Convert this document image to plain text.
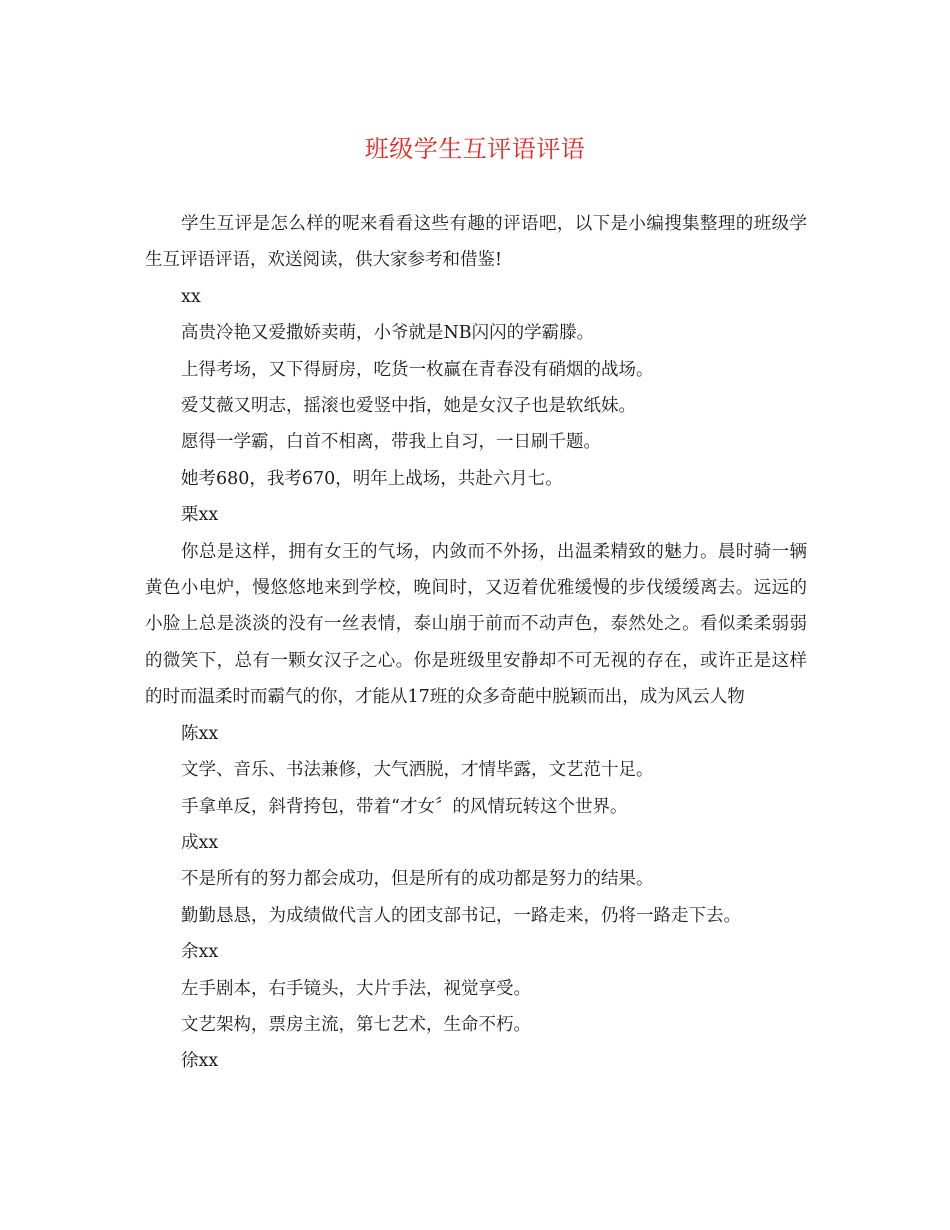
班级学生互评语评语

学生互评是怎么样的呢来看看这些有趣的评语吧，以下是小编搜集整理的班级学生互评语评语，欢送阅读，供大家参考和借鉴!

xx

高贵冷艳又爱撒娇卖萌，小爷就是NB闪闪的学霸滕。

上得考场，又下得厨房，吃货一枚赢在青春没有硝烟的战场。

爱艾薇又明志，摇滚也爱竖中指，她是女汉子也是软纸妹。

愿得一学霸，白首不相离，带我上自习，一日刷千题。

她考680，我考670，明年上战场，共赴六月七。

栗xx

你总是这样，拥有女王的气场，内敛而不外扬，出温柔精致的魅力。晨时骑一辆黄色小电炉，慢悠悠地来到学校，晚间时，又迈着优雅缓慢的步伐缓缓离去。远远的小脸上总是淡淡的没有一丝表情，泰山崩于前而不动声色，泰然处之。看似柔柔弱弱的微笑下，总有一颗女汉子之心。你是班级里安静却不可无视的存在，或许正是这样的时而温柔时而霸气的你，才能从17班的众多奇葩中脱颖而出，成为风云人物

陈xx

文学、音乐、书法兼修，大气洒脱，才情毕露，文艺范十足。

手拿单反，斜背挎包，带着“才女〞的风情玩转这个世界。

成xx

不是所有的努力都会成功，但是所有的成功都是努力的结果。

勤勤恳恳，为成绩做代言人的团支部书记，一路走来，仍将一路走下去。

余xx

左手剧本，右手镜头，大片手法，视觉享受。

文艺架构，票房主流，第七艺术，生命不朽。

徐xx
